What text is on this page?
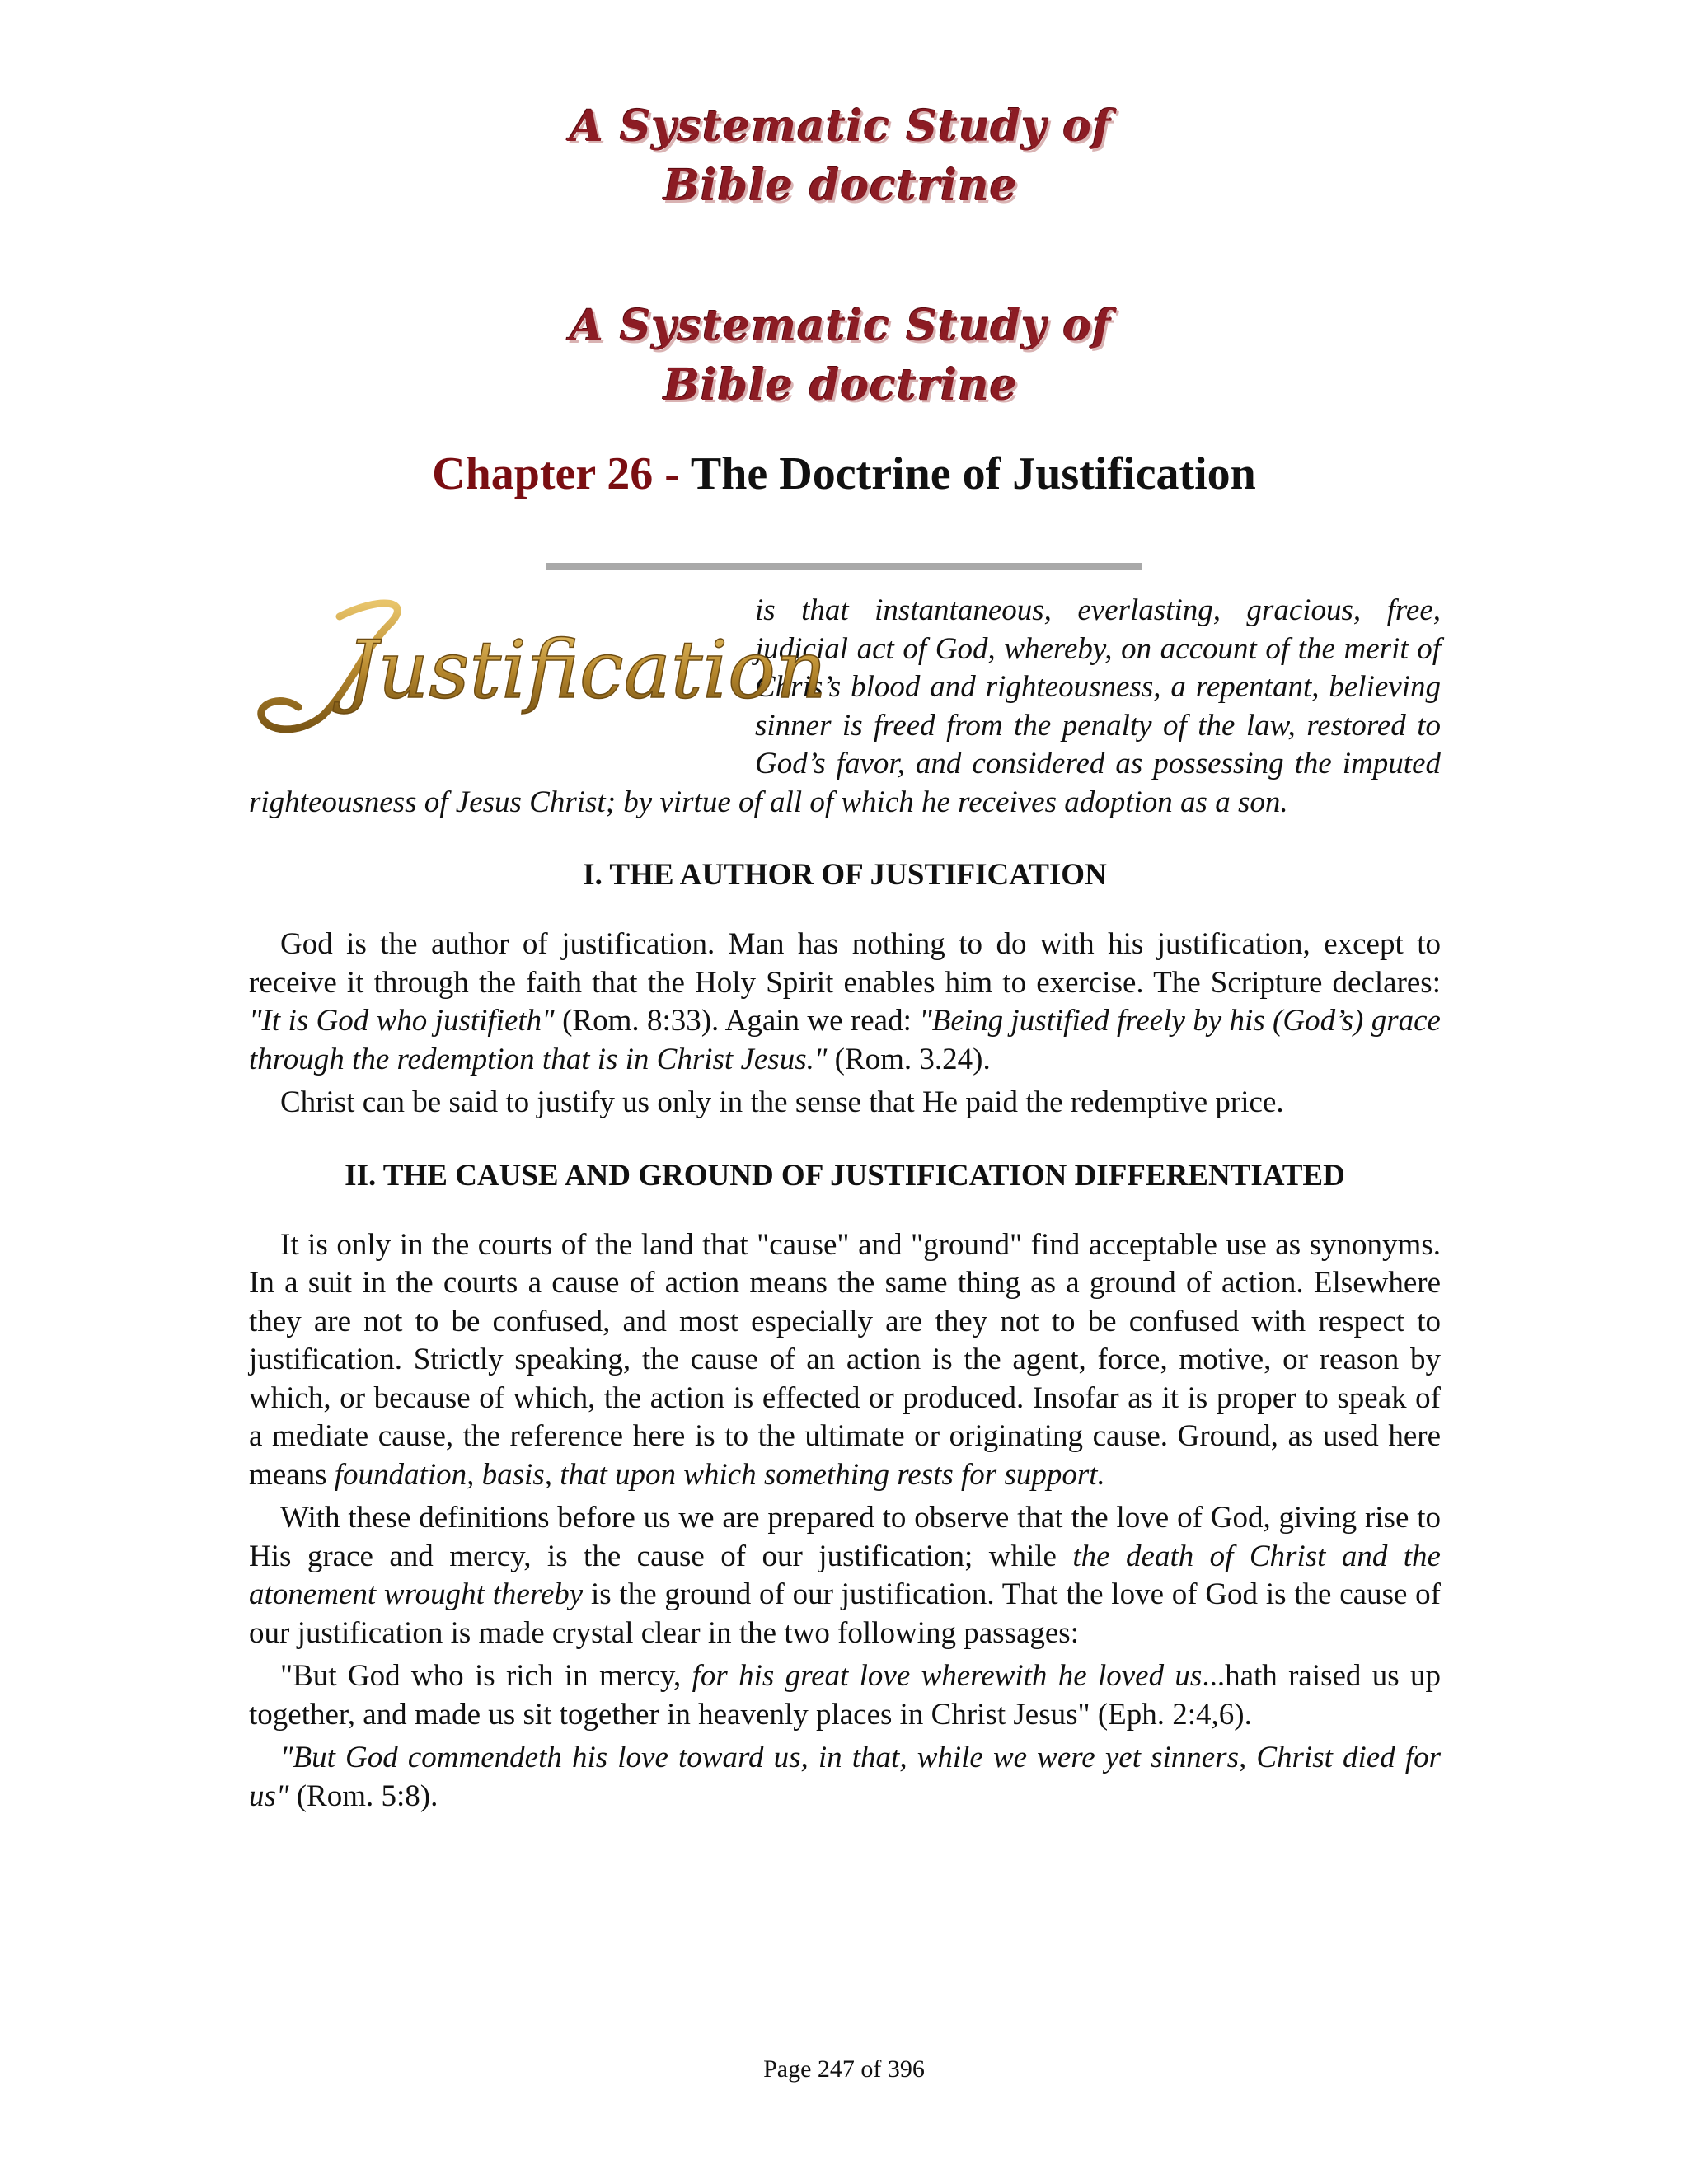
A Systematic Study of
Bible doctrine
A Systematic Study of
Bible doctrine
Chapter 26 - The Doctrine of Justification
Justification

is that instantaneous, everlasting, gracious, free, judicial act of God, whereby, on account of the merit of Chris’s blood and righteousness, a repentant, believing sinner is freed from the penalty of the law, restored to God’s favor, and considered as possessing the imputed righteousness of Jesus Christ; by virtue of all of which he receives adoption as a son.

I. THE AUTHOR OF JUSTIFICATION

God is the author of justification. Man has nothing to do with his justification, except to receive it through the faith that the Holy Spirit enables him to exercise. The Scripture declares: "It is God who justifieth" (Rom. 8:33). Again we read: "Being justified freely by his (God’s) grace through the redemption that is in Christ Jesus." (Rom. 3.24).

Christ can be said to justify us only in the sense that He paid the redemptive price.

II. THE CAUSE AND GROUND OF JUSTIFICATION DIFFERENTIATED

It is only in the courts of the land that "cause" and "ground" find acceptable use as synonyms. In a suit in the courts a cause of action means the same thing as a ground of action. Elsewhere they are not to be confused, and most especially are they not to be confused with respect to justification. Strictly speaking, the cause of an action is the agent, force, motive, or reason by which, or because of which, the action is effected or produced. Insofar as it is proper to speak of a mediate cause, the reference here is to the ultimate or originating cause. Ground, as used here means foundation, basis, that upon which something rests for support.

With these definitions before us we are prepared to observe that the love of God, giving rise to His grace and mercy, is the cause of our justification; while the death of Christ and the atonement wrought thereby is the ground of our justification. That the love of God is the cause of our justification is made crystal clear in the two following passages:

"But God who is rich in mercy, for his great love wherewith he loved us...hath raised us up together, and made us sit together in heavenly places in Christ Jesus" (Eph. 2:4,6).

"But God commendeth his love toward us, in that, while we were yet sinners, Christ died for us" (Rom. 5:8).

Page 247 of 396
